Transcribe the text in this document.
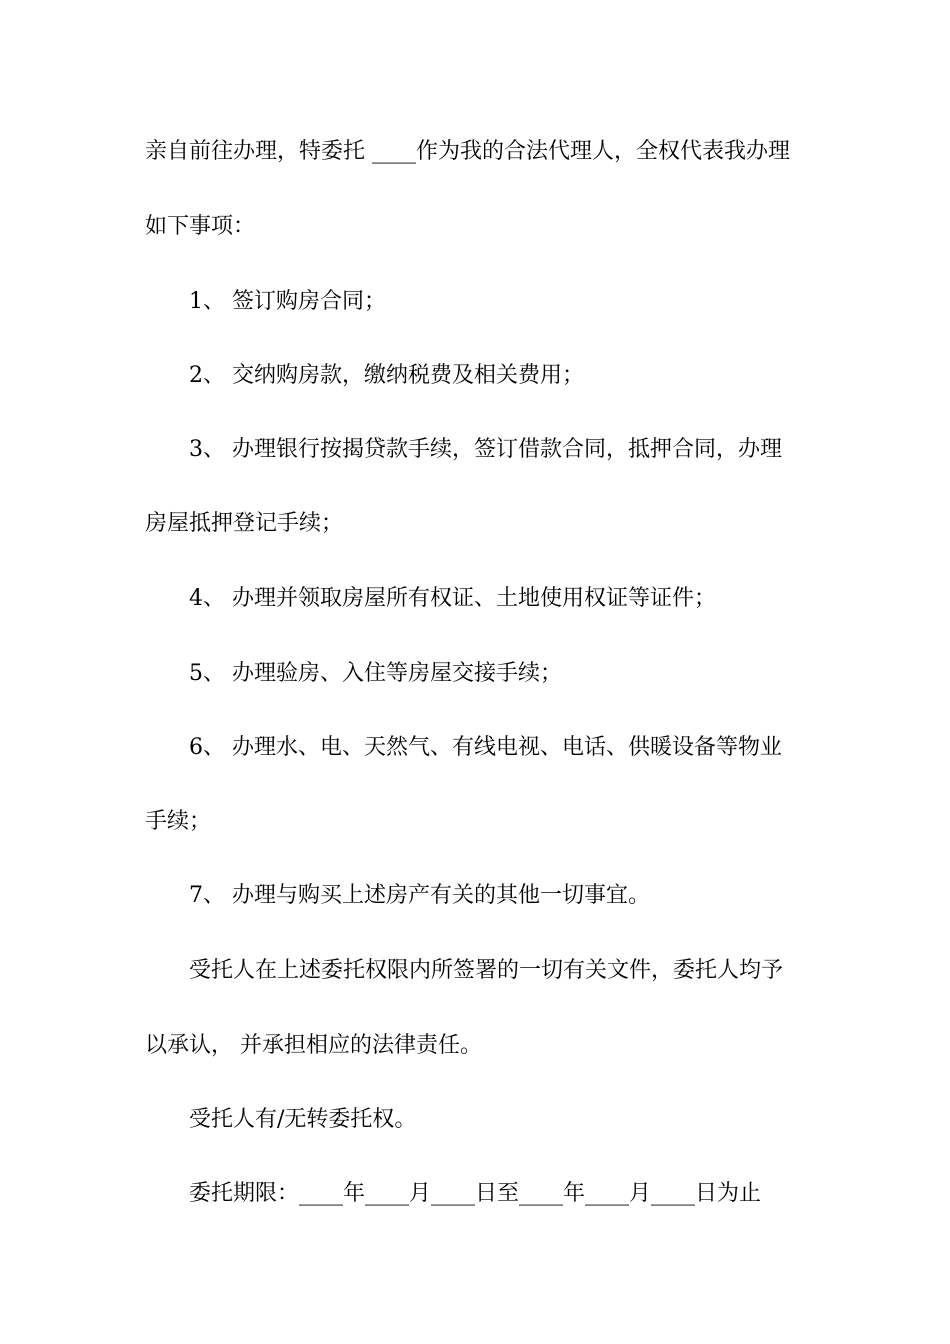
亲自前往办理，特委托 ____作为我的合法代理人，全权代表我办理
如下事项：
1、 签订购房合同；
2、 交纳购房款，缴纳税费及相关费用；
3、 办理银行按揭贷款手续，签订借款合同，抵押合同，办理
房屋抵押登记手续；
4、 办理并领取房屋所有权证、土地使用权证等证件；
5、 办理验房、入住等房屋交接手续；
6、 办理水、电、天然气、有线电视、电话、供暖设备等物业
手续；
7、 办理与购买上述房产有关的其他一切事宜。
受托人在上述委托权限内所签署的一切有关文件，委托人均予
以承认， 并承担相应的法律责任。
受托人有/无转委托权。
委托期限：____年____月____日至____年____月____日为止
